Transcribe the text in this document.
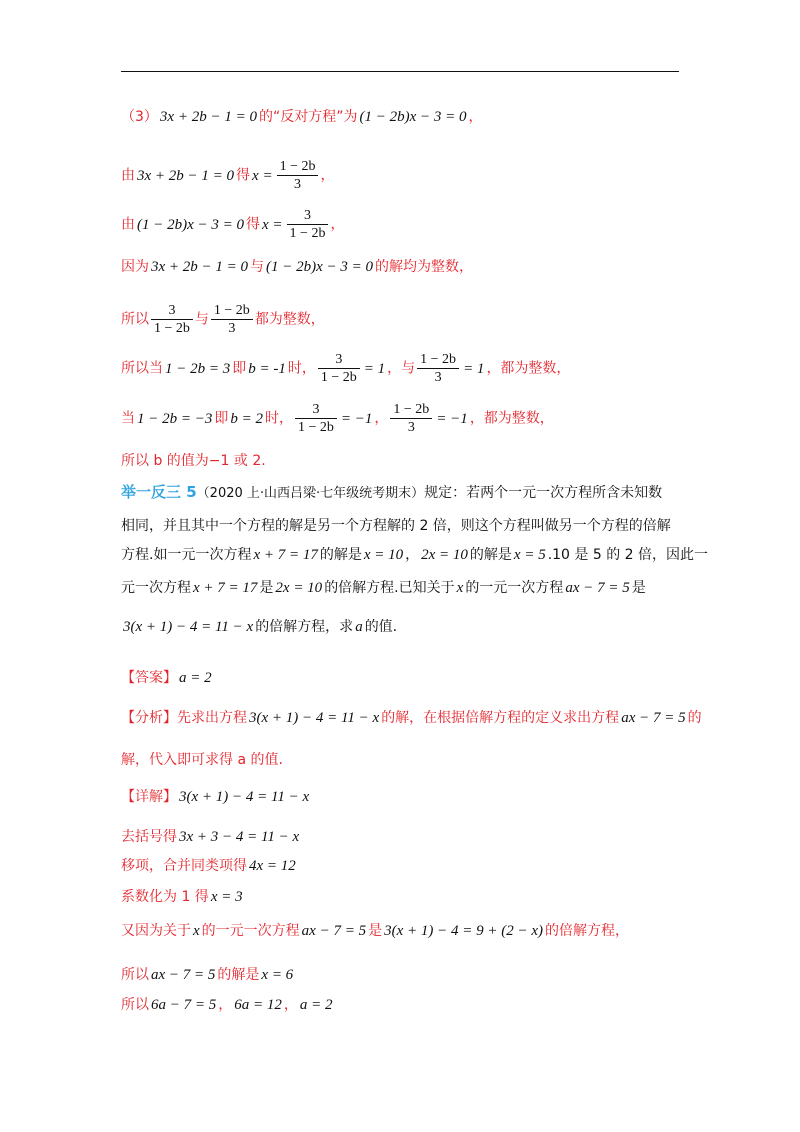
（3） 3x + 2b − 1 = 0 的“反对方程”为 (1 − 2b)x − 3 = 0 ，
由 3x + 2b − 1 = 0 得 $x = \frac{1 - 2b}{3}$ ，
由 (1 − 2b)x − 3 = 0 得 $x = \frac{3}{1 - 2b}$ ，
因为 3x + 2b − 1 = 0 与 (1 − 2b)x − 3 = 0 的解均为整数，
所以 $\frac{3}{1 - 2b}$ 与 $\frac{1 - 2b}{3}$ 都为整数，
所以当 1 − 2b = 3 即 b = -1 时， $\frac{3}{1 - 2b} = 1$ ，与 $\frac{1 - 2b}{3} = 1$ ，都为整数，
当 1 − 2b = −3 即 b = 2 时， $\frac{3}{1 - 2b} = -1$ ， $\frac{1 - 2b}{3} = -1$ ，都为整数，
所以 b 的值为−1 或 2.
举一反三 5（2020 上·山西吕梁·七年级统考期末）规定：若两个一元一次方程所含未知数
相同，并且其中一个方程的解是另一个方程解的 2 倍，则这个方程叫做另一个方程的倍解
方程.如一元一次方程 x + 7 = 17 的解是 x = 10 ， 2x = 10 的解是 x = 5 .10 是 5 的 2 倍，因此一
元一次方程 x + 7 = 17 是 2x = 10 的倍解方程.已知关于 x 的一元一次方程 ax − 7 = 5 是
3(x + 1) − 4 = 11 − x 的倍解方程，求 a 的值.
【答案】 a = 2
【分析】先求出方程 3(x + 1) − 4 = 11 − x 的解，在根据倍解方程的定义求出方程 ax − 7 = 5 的
解，代入即可求得 a 的值.
【详解】 3(x + 1) − 4 = 11 − x
去括号得 3x + 3 − 4 = 11 − x
移项，合并同类项得 4x = 12
系数化为 1 得 x = 3
又因为关于 x 的一元一次方程 ax − 7 = 5 是 3(x + 1) − 4 = 9 + (2 − x) 的倍解方程，
所以 ax − 7 = 5 的解是 x = 6
所以 6a − 7 = 5 ， 6a = 12 ， a = 2
